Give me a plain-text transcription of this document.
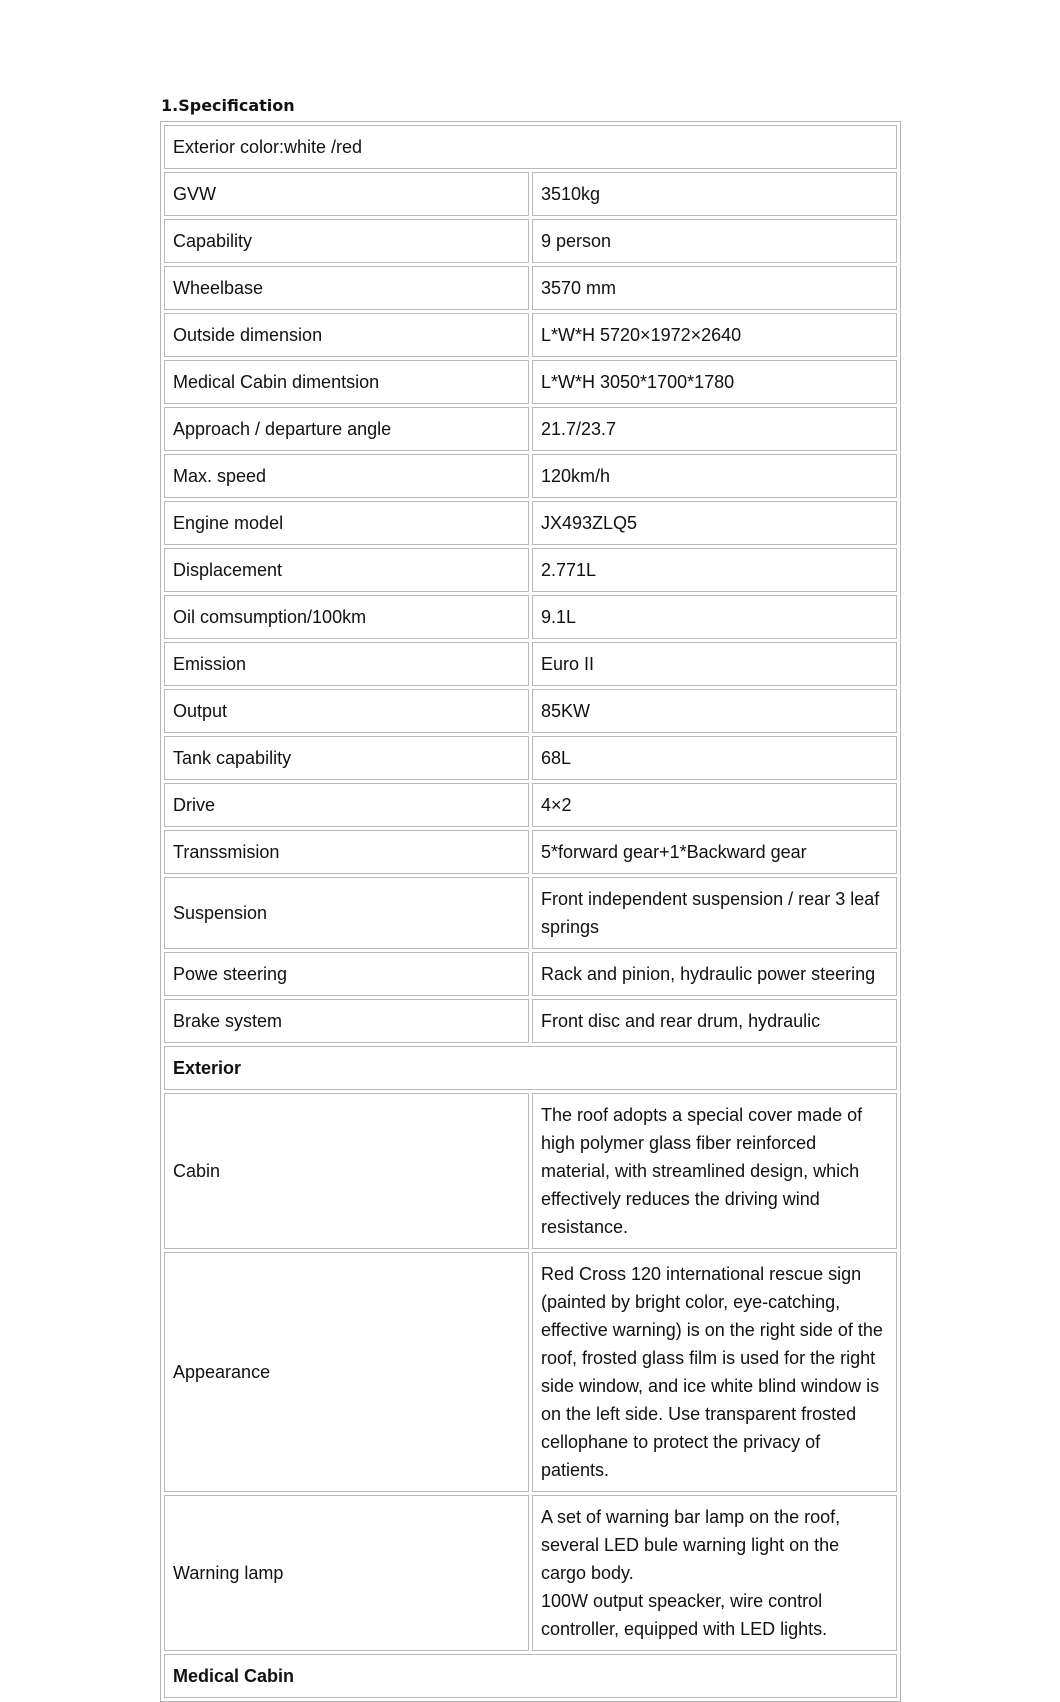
1.Specification
Exterior color:white /red	
GVW	3510kg
Capability	9 person
Wheelbase	3570 mm
Outside dimension	L*W*H 5720×1972×2640
Medical Cabin dimentsion	L*W*H 3050*1700*1780
Approach / departure angle	21.7/23.7
Max. speed	120km/h
Engine model	JX493ZLQ5
Displacement	2.771L
Oil comsumption/100km	9.1L
Emission	Euro II
Output	85KW
Tank capability	68L
Drive	4×2
Transsmision	5*forward gear+1*Backward gear
Suspension	Front independent suspension / rear 3 leaf springs
Powe steering	Rack and pinion, hydraulic power steering
Brake system	Front disc and rear drum, hydraulic
Exterior	
Cabin	The roof adopts a special cover made of high polymer glass fiber reinforced material, with streamlined design, which effectively reduces the driving wind resistance.
Appearance	Red Cross 120 international rescue sign (painted by bright color, eye-catching, effective warning) is on the right side of the roof, frosted glass film is used for the right side window, and ice white blind window is on the left side. Use transparent frosted cellophane to protect the privacy of patients.
Warning lamp	A set of warning bar lamp on the roof, several LED bule warning light on the cargo body.
100W output speacker, wire control controller, equipped with LED lights.
Medical Cabin	
